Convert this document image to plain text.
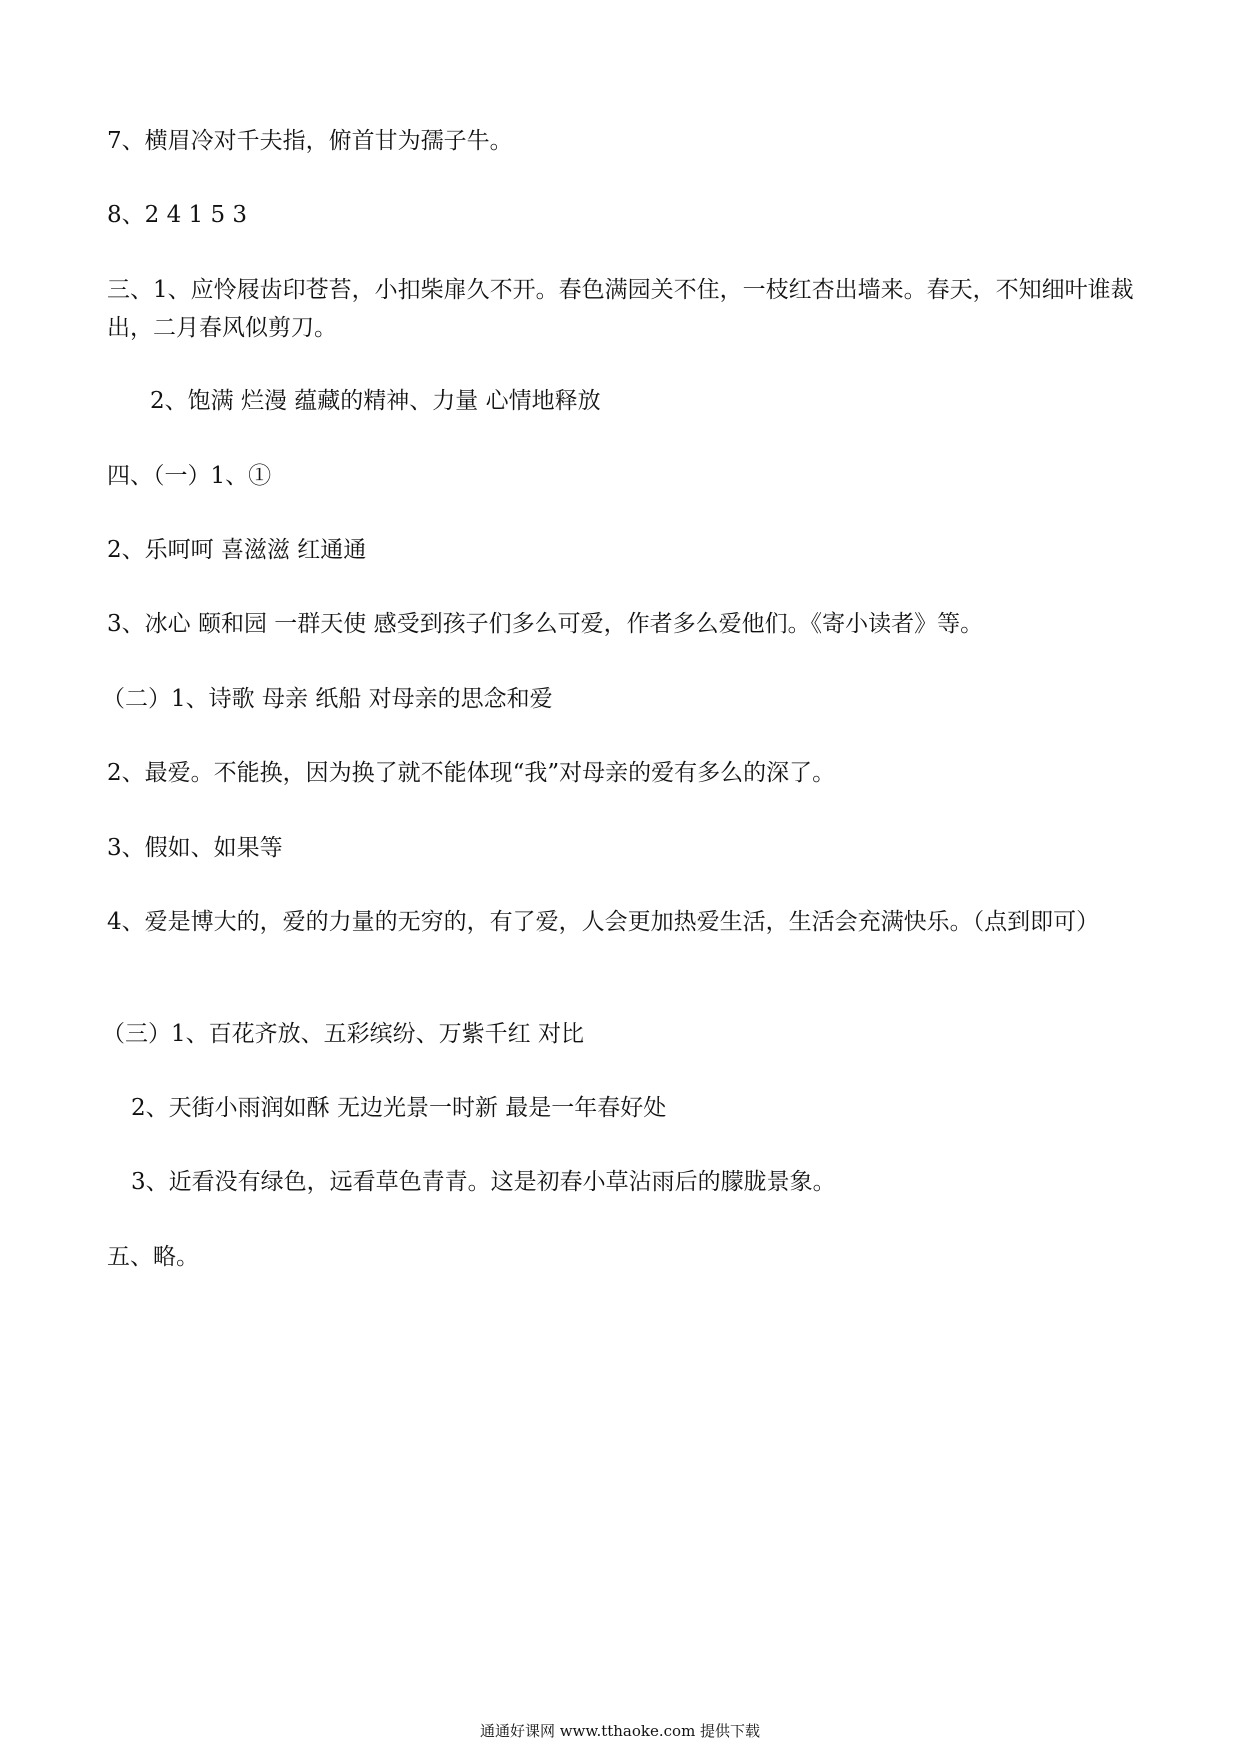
7、横眉冷对千夫指，俯首甘为孺子牛。
8、2 4 1 5 3
三、1、应怜屐齿印苍苔，小扣柴扉久不开。春色满园关不住，一枝红杏出墙来。春天，不知细叶谁裁出，二月春风似剪刀。
2、饱满 烂漫 蕴藏的精神、力量 心情地释放
四、（一）1、①
2、乐呵呵 喜滋滋 红通通
3、冰心 颐和园 一群天使 感受到孩子们多么可爱，作者多么爱他们。《寄小读者》等。
（二）1、诗歌 母亲 纸船 对母亲的思念和爱
2、最爱。不能换，因为换了就不能体现“我”对母亲的爱有多么的深了。
3、假如、如果等
4、爱是博大的，爱的力量的无穷的，有了爱，人会更加热爱生活，生活会充满快乐。（点到即可）
（三）1、百花齐放、五彩缤纷、万紫千红 对比
2、天街小雨润如酥 无边光景一时新 最是一年春好处
3、近看没有绿色，远看草色青青。这是初春小草沾雨后的朦胧景象。
五、略。
通通好课网 www.tthaoke.com 提供下载
